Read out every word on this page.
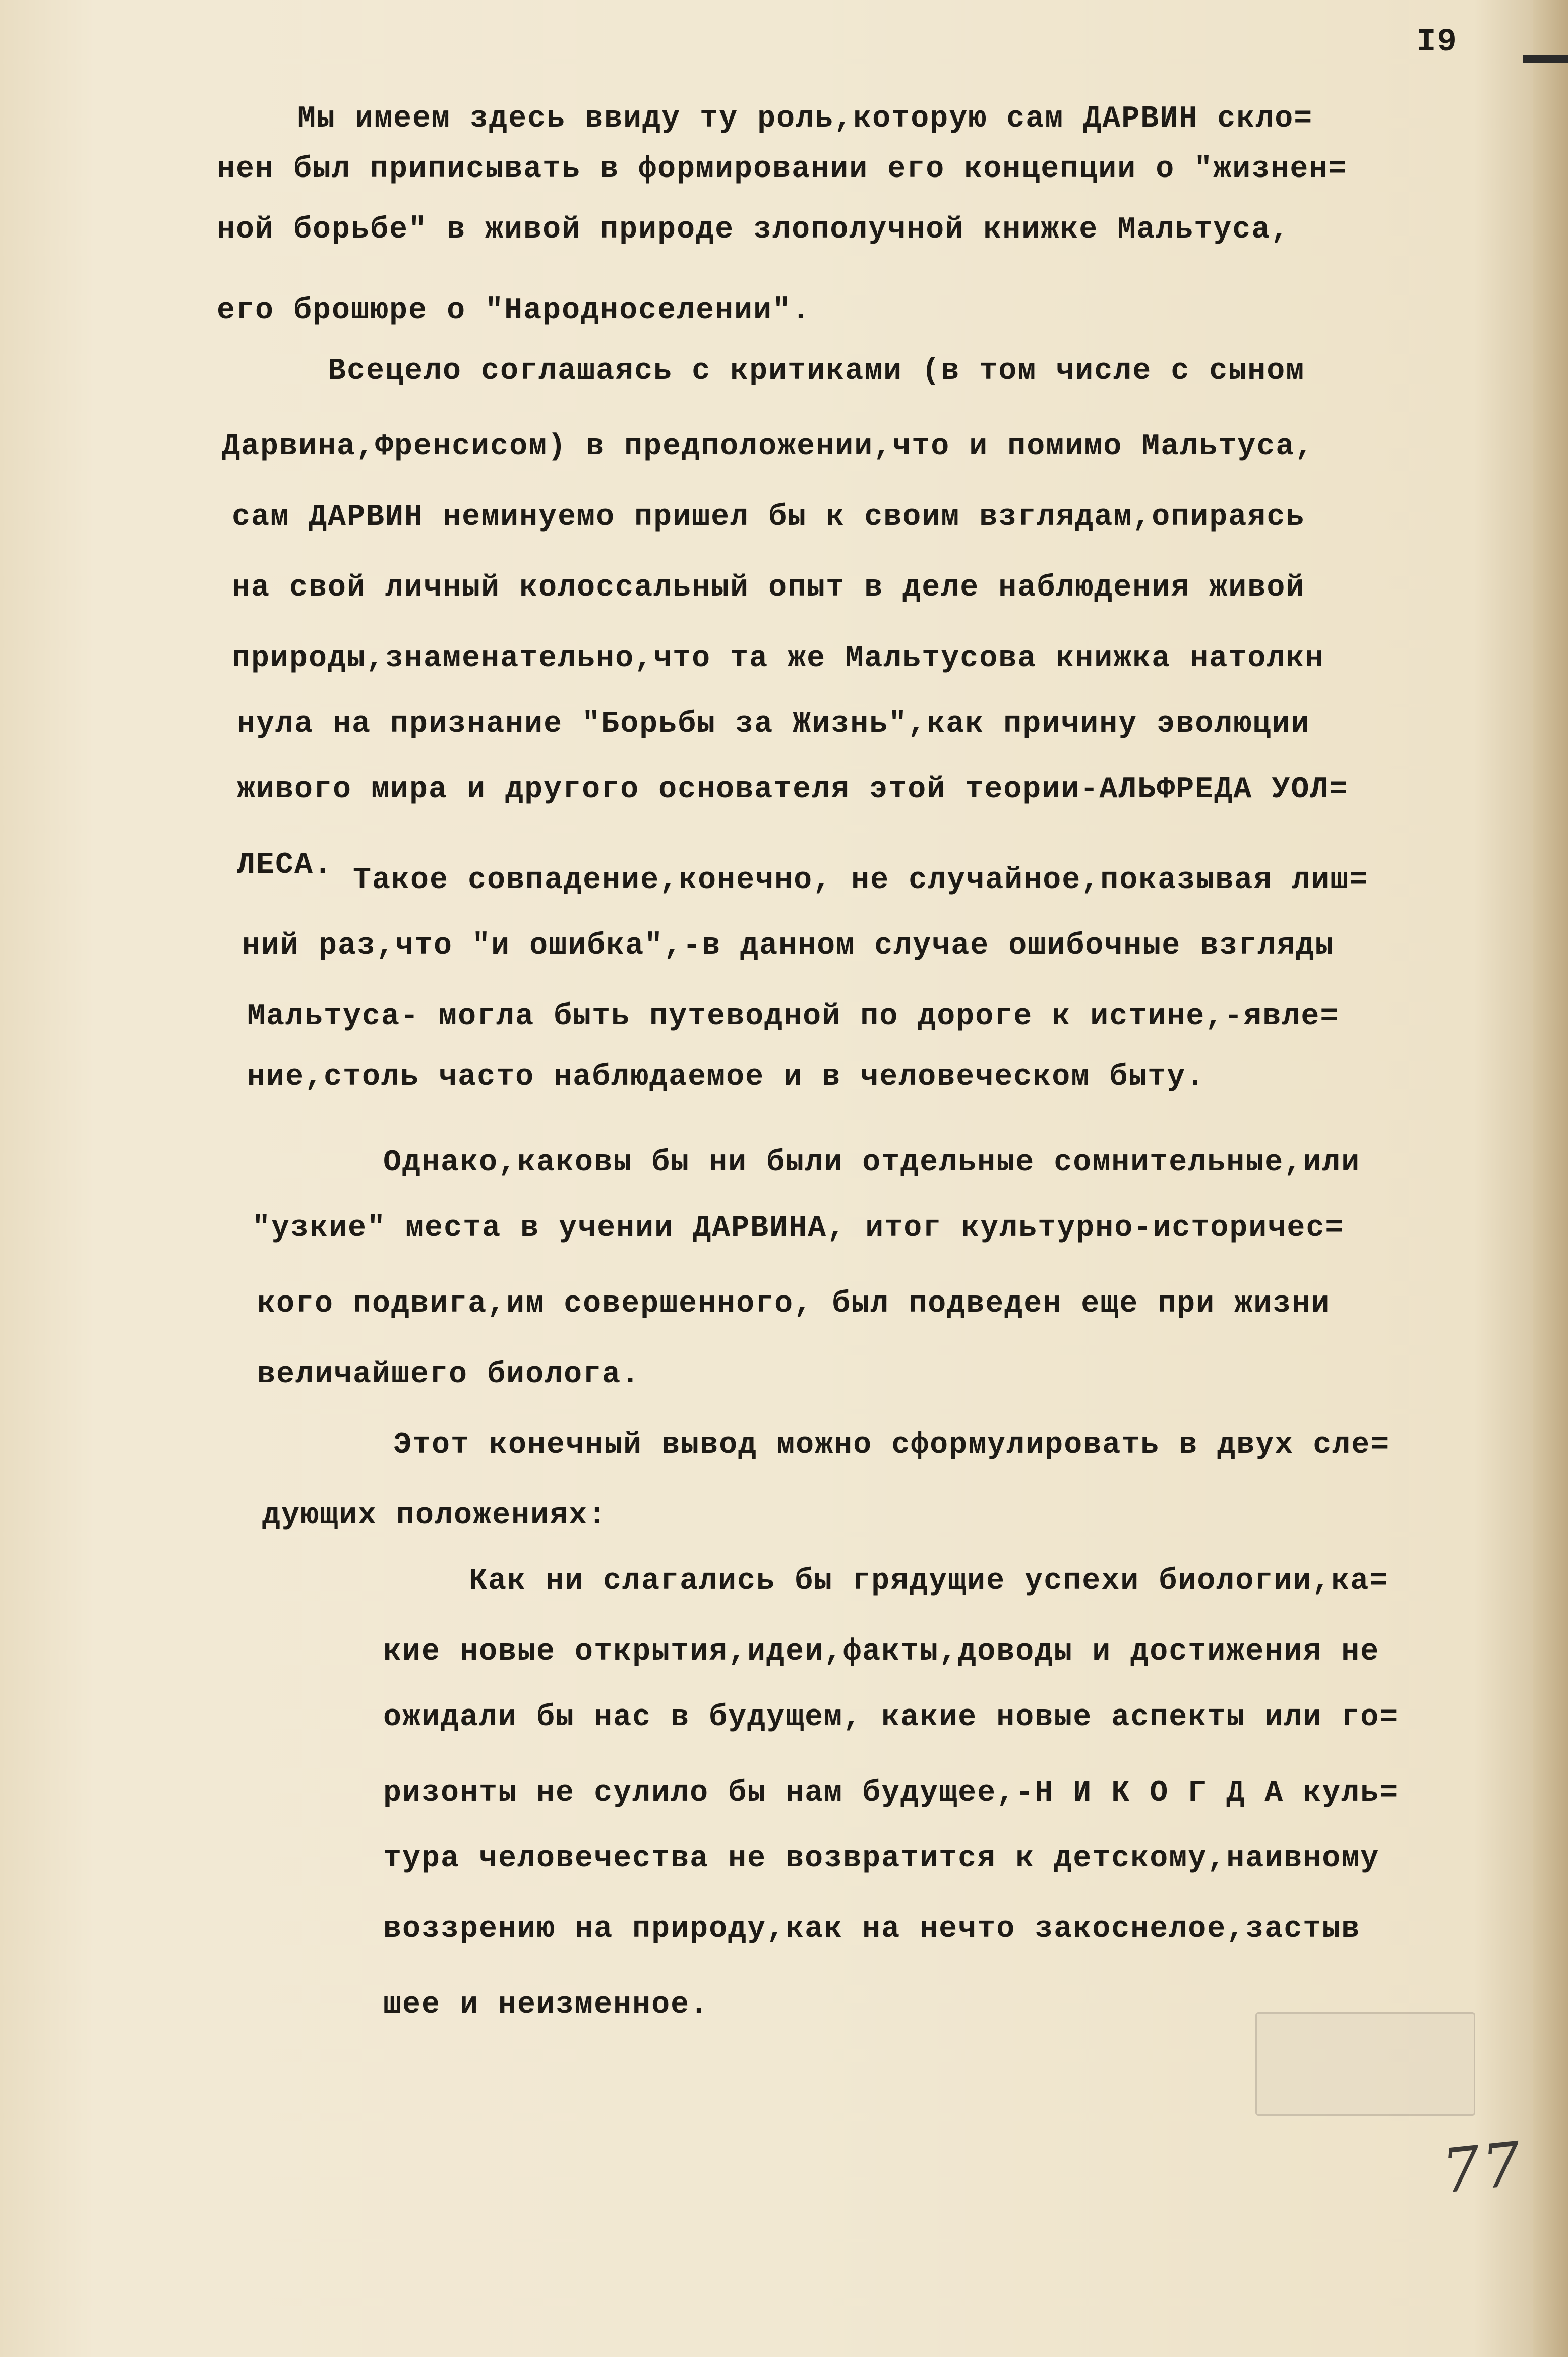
I9
Мы имеем здесь ввиду ту роль,которую сам ДАРВИН скло=
нен был приписывать в формировании его концепции о "жизнен=
ной борьбе" в живой природе злополучной книжке Мальтуса,
его брошюре о "Народноселении".
Всецело соглашаясь с критиками (в том числе с сыном
Дарвина,Френсисом) в предположении,что и помимо Мальтуса,
сам ДАРВИН неминуемо пришел бы к своим взглядам,опираясь
на свой личный колоссальный опыт в деле наблюдения живой
природы,знаменательно,что та же Мальтусова книжка натолкн
нула на признание "Борьбы за Жизнь",как причину эволюции
живого мира и другого основателя этой теории-АЛЬФРЕДА УОЛ=
ЛЕСА. Такое совпадение,конечно, не случайное,показывая лиш=
ний раз,что "и ошибка",-в данном случае ошибочные взгляды
Мальтуса- могла быть путеводной по дороге к истине,-явле=
ние,столь часто наблюдаемое и в человеческом быту.
Однако,каковы бы ни были отдельные сомнительные,или
"узкие" места в учении ДАРВИНА, итог культурно-историчес=
кого подвига,им совершенного, был подведен еще при жизни
величайшего биолога.
Этот конечный вывод можно сформулировать в двух сле=
дующих положениях:
Как ни слагались бы грядущие успехи биологии,ка=
кие новые открытия,идеи,факты,доводы и достижения не
ожидали бы нас в будущем, какие новые аспекты или го=
ризонты не сулило бы нам будущее,-Н И К О Г Д А куль=
тура человечества не возвратится к детскому,наивному
воззрению на природу,как на нечто закоснелое,застыв
шее и неизменное.
77
